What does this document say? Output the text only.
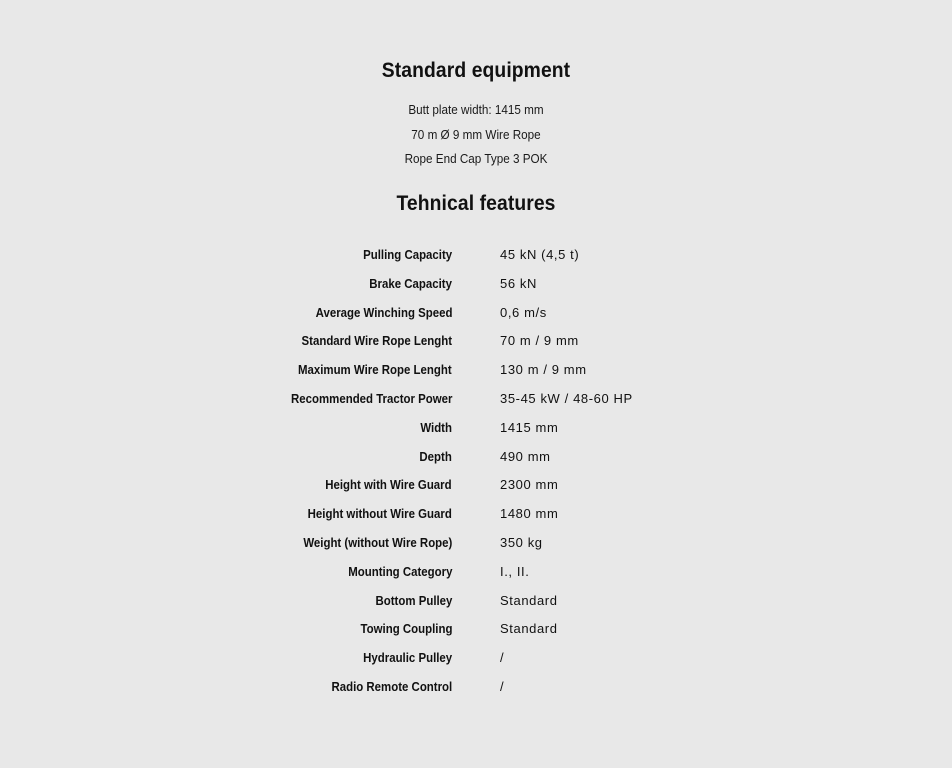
Standard equipment
Butt plate width: 1415 mm
70 m Ø 9 mm Wire Rope
Rope End Cap Type 3 POK
Tehnical features
Pulling Capacity	45 kN (4,5 t)
Brake Capacity	56 kN
Average Winching Speed	0,6 m/s
Standard Wire Rope Lenght	70 m / 9 mm
Maximum Wire Rope Lenght	130 m / 9 mm
Recommended Tractor Power	35-45 kW / 48-60 HP
Width	1415 mm
Depth	490 mm
Height with Wire Guard	2300 mm
Height without Wire Guard	1480 mm
Weight (without Wire Rope)	350 kg
Mounting Category	I., II.
Bottom Pulley	Standard
Towing Coupling	Standard
Hydraulic Pulley	/
Radio Remote Control	/
